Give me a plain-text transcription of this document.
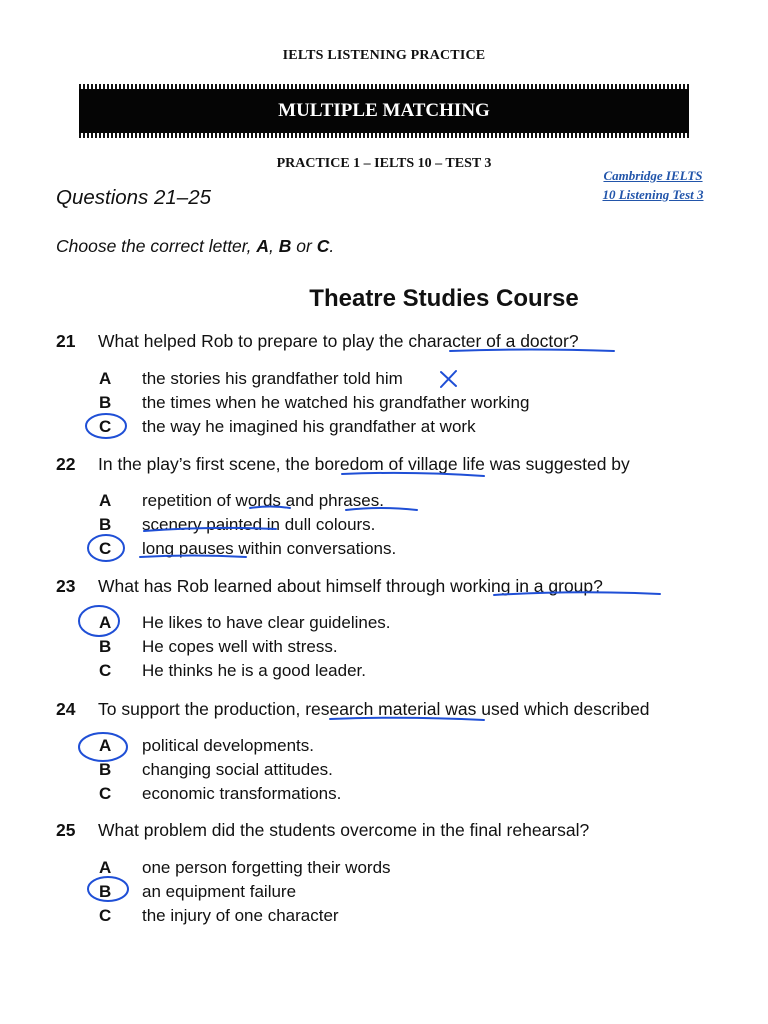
IELTS LISTENING PRACTICE
MULTIPLE MATCHING
PRACTICE 1 – IELTS 10 – TEST 3
Cambridge IELTS
10 Listening Test 3
Questions 21–25
Choose the correct letter, A, B or C.
Theatre Studies Course
21 What helped Rob to prepare to play the character of a doctor?
A the stories his grandfather told him
B the times when he watched his grandfather working
C the way he imagined his grandfather at work
22 In the play’s first scene, the boredom of village life was suggested by
A repetition of words and phrases.
B scenery painted in dull colours.
C long pauses within conversations.
23 What has Rob learned about himself through working in a group?
A He likes to have clear guidelines.
B He copes well with stress.
C He thinks he is a good leader.
24 To support the production, research material was used which described
A political developments.
B changing social attitudes.
C economic transformations.
25 What problem did the students overcome in the final rehearsal?
A one person forgetting their words
B an equipment failure
C the injury of one character
